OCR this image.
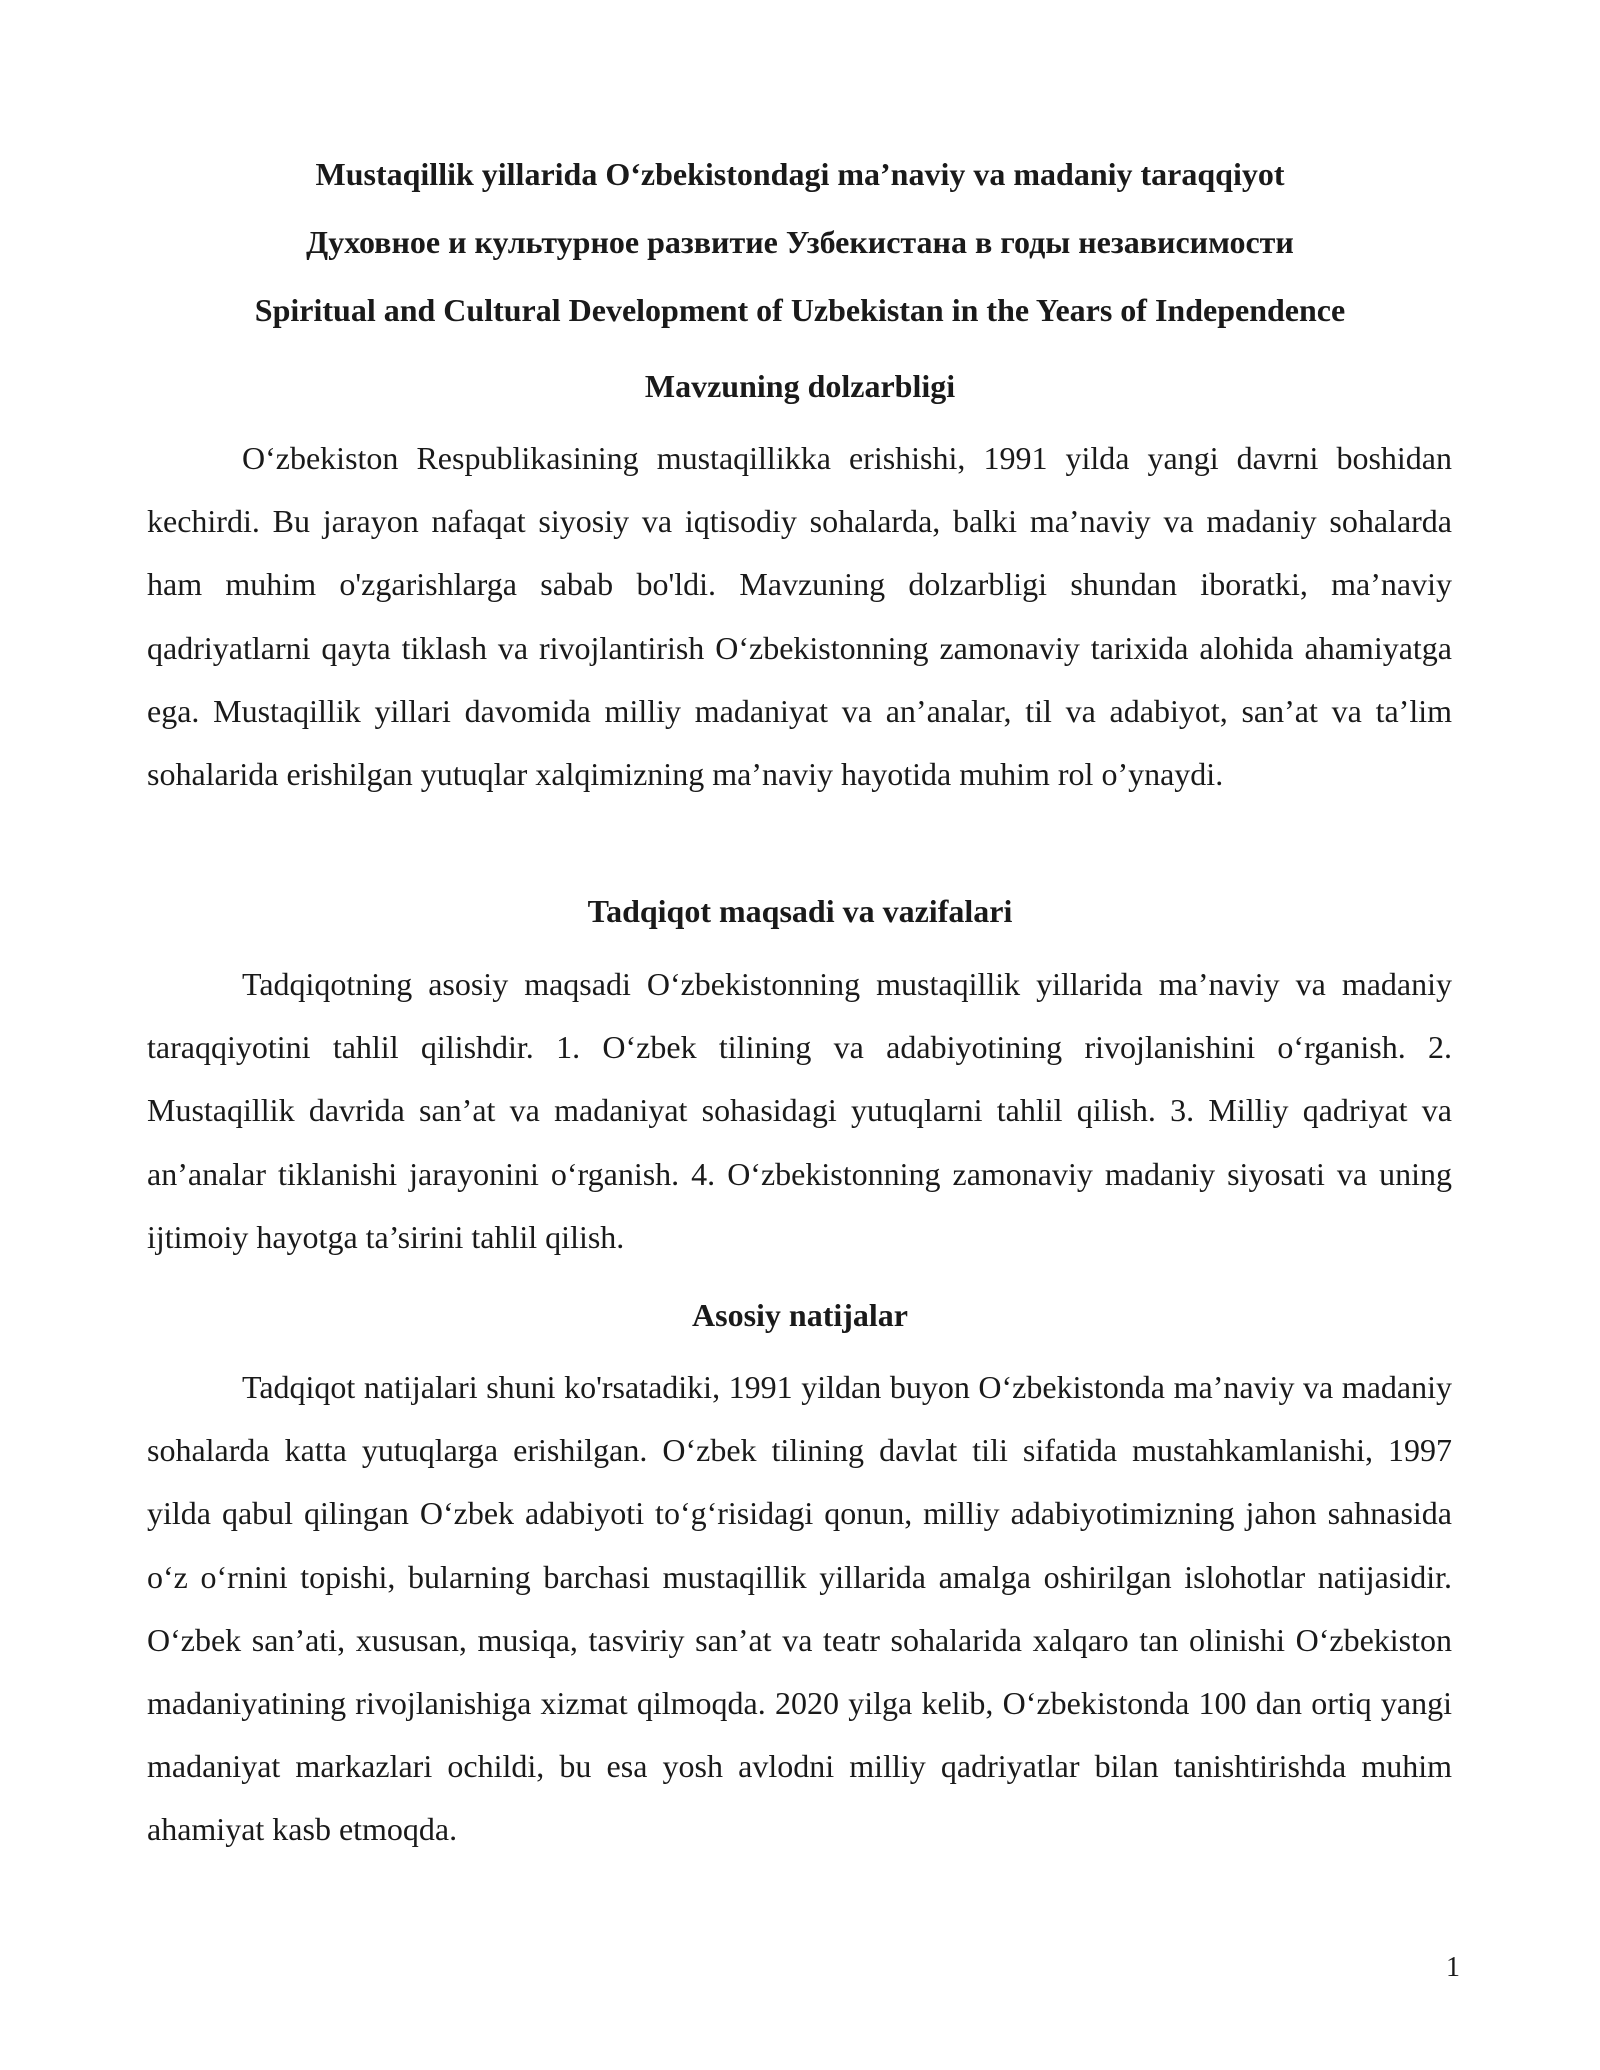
Mustaqillik yillarida O‘zbekistondagi ma’naviy va madaniy taraqqiyot
Духовное и культурное развитие Узбекистана в годы независимости
Spiritual and Cultural Development of Uzbekistan in the Years of Independence
Mavzuning dolzarbligi

O‘zbekiston Respublikasining mustaqillikka erishishi, 1991 yilda yangi davrni boshidan kechirdi. Bu jarayon nafaqat siyosiy va iqtisodiy sohalarda, balki ma’naviy va madaniy sohalarda ham muhim o'zgarishlarga sabab bo'ldi. Mavzuning dolzarbligi shundan iboratki, ma’naviy qadriyatlarni qayta tiklash va rivojlantirish O‘zbekistonning zamonaviy tarixida alohida ahamiyatga ega. Mustaqillik yillari davomida milliy madaniyat va an’analar, til va adabiyot, san’at va ta’lim sohalarida erishilgan yutuqlar xalqimizning ma’naviy hayotida muhim rol o’ynaydi.

Tadqiqot maqsadi va vazifalari

Tadqiqotning asosiy maqsadi O‘zbekistonning mustaqillik yillarida ma’naviy va madaniy taraqqiyotini tahlil qilishdir. 1. O‘zbek tilining va adabiyotining rivojlanishini o‘rganish. 2. Mustaqillik davrida san’at va madaniyat sohasidagi yutuqlarni tahlil qilish. 3. Milliy qadriyat va an’analar tiklanishi jarayonini o‘rganish. 4. O‘zbekistonning zamonaviy madaniy siyosati va uning ijtimoiy hayotga ta’sirini tahlil qilish.

Asosiy natijalar

Tadqiqot natijalari shuni ko'rsatadiki, 1991 yildan buyon O‘zbekistonda ma’naviy va madaniy sohalarda katta yutuqlarga erishilgan. O‘zbek tilining davlat tili sifatida mustahkamlanishi, 1997 yilda qabul qilingan O‘zbek adabiyoti to‘g‘risidagi qonun, milliy adabiyotimizning jahon sahnasida o‘z o‘rnini topishi, bularning barchasi mustaqillik yillarida amalga oshirilgan islohotlar natijasidir. O‘zbek san’ati, xususan, musiqa, tasviriy san’at va teatr sohalarida xalqaro tan olinishi O‘zbekiston madaniyatining rivojlanishiga xizmat qilmoqda. 2020 yilga kelib, O‘zbekistonda 100 dan ortiq yangi madaniyat markazlari ochildi, bu esa yosh avlodni milliy qadriyatlar bilan tanishtirishda muhim ahamiyat kasb etmoqda.

1
